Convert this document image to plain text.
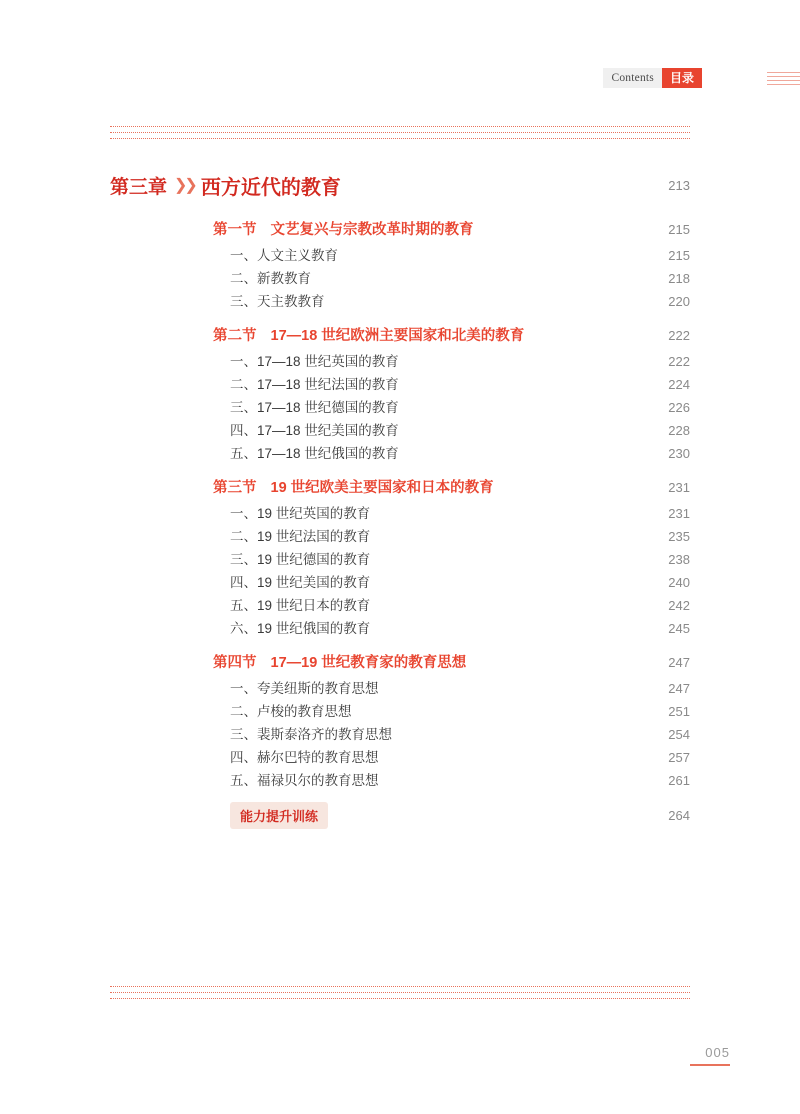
Contents	目录
第三章 ❯❯ 西方近代的教育	213
第一节 文艺复兴与宗教改革时期的教育	215
一、人文主义教育	215
二、新教教育	218
三、天主教教育	220
第二节 17—18 世纪欧洲主要国家和北美的教育	222
一、17—18 世纪英国的教育	222
二、17—18 世纪法国的教育	224
三、17—18 世纪德国的教育	226
四、17—18 世纪美国的教育	228
五、17—18 世纪俄国的教育	230
第三节 19 世纪欧美主要国家和日本的教育	231
一、19 世纪英国的教育	231
二、19 世纪法国的教育	235
三、19 世纪德国的教育	238
四、19 世纪美国的教育	240
五、19 世纪日本的教育	242
六、19 世纪俄国的教育	245
第四节 17—19 世纪教育家的教育思想	247
一、夸美纽斯的教育思想	247
二、卢梭的教育思想	251
三、裴斯泰洛齐的教育思想	254
四、赫尔巴特的教育思想	257
五、福禄贝尔的教育思想	261
能力提升训练	264
005
